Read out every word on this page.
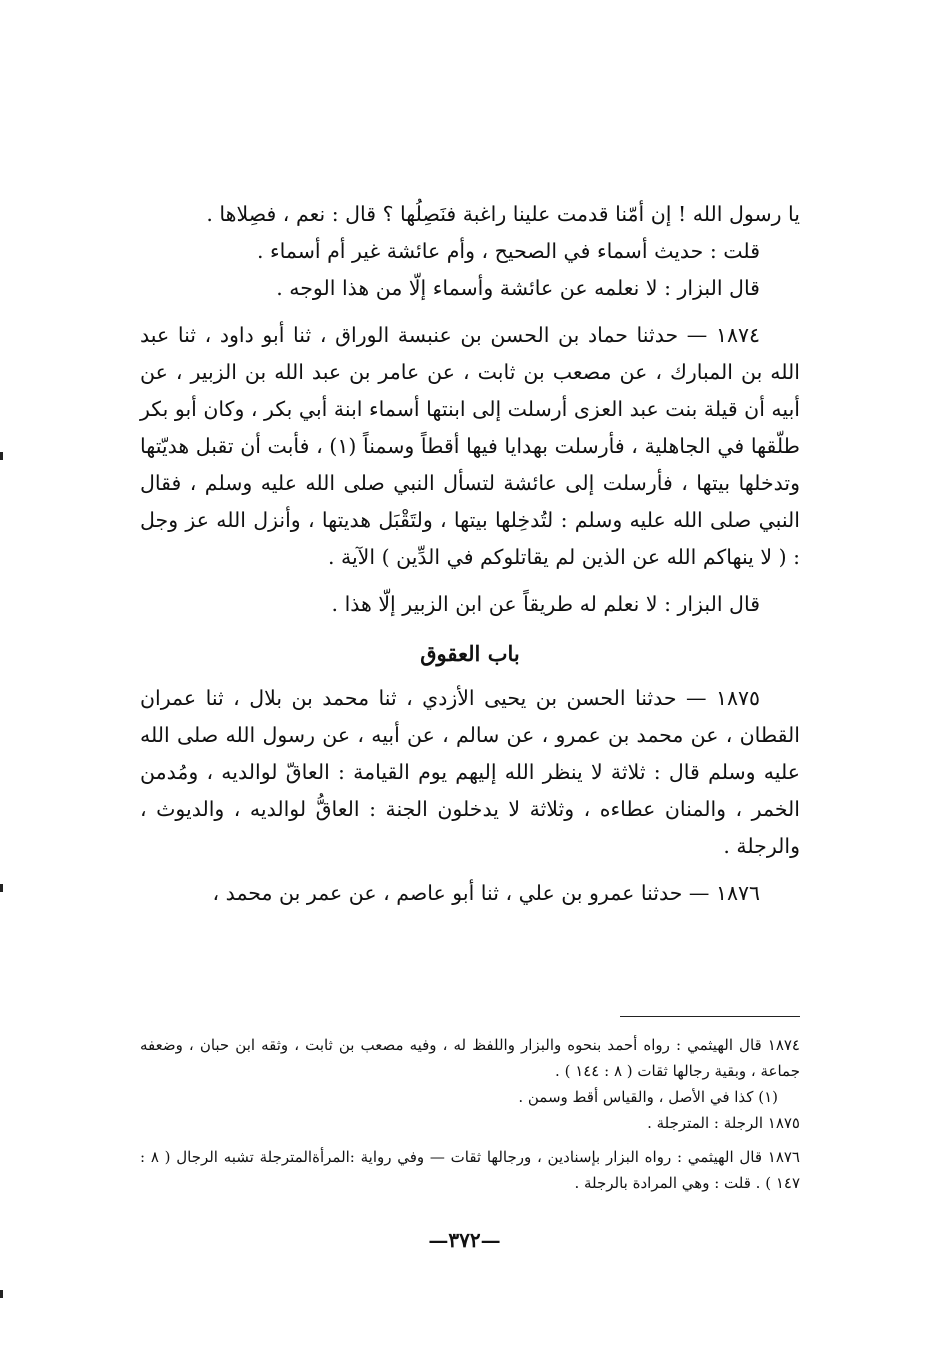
يا رسول الله ! إن أمّنا قدمت علينا راغبة فنَصِلُها ؟ قال : نعم ، فصِلاها .

قلت : حديث أسماء في الصحيح ، وأم عائشة غير أم أسماء .

قال البزار : لا نعلمه عن عائشة وأسماء إلّا من هذا الوجه .

١٨٧٤ — حدثنا حماد بن الحسن بن عنبسة الوراق ، ثنا أبو داود ، ثنا عبد الله بن المبارك ، عن مصعب بن ثابت ، عن عامر بن عبد الله بن الزبير ، عن أبيه أن قيلة بنت عبد العزى أرسلت إلى ابنتها أسماء ابنة أبي بكر ، وكان أبو بكر طلّقها في الجاهلية ، فأرسلت بهدايا فيها أقطاً وسمناً (١) ، فأبت أن تقبل هديّتها وتدخلها بيتها ، فأرسلت إلى عائشة لتسأل النبي صلى الله عليه وسلم ، فقال النبي صلى الله عليه وسلم : لتُدخِلها بيتها ، ولتَقْبَل هديتها ، وأنزل الله عز وجل : ( لا ينهاكم الله عن الذين لم يقاتلوكم في الدِّين ) الآية .

قال البزار : لا نعلم له طريقاً عن ابن الزبير إلّا هذا .

باب العقوق

١٨٧٥ — حدثنا الحسن بن يحيى الأزدي ، ثنا محمد بن بلال ، ثنا عمران القطان ، عن محمد بن عمرو ، عن سالم ، عن أبيه ، عن رسول الله صلى الله عليه وسلم قال : ثلاثة لا ينظر الله إليهم يوم القيامة : العاقّ لوالديه ، ومُدمن الخمر ، والمنان عطاءه ، وثلاثة لا يدخلون الجنة : العاقُّ لوالديه ، والديوث ، والرجلة .

١٨٧٦ — حدثنا عمرو بن علي ، ثنا أبو عاصم ، عن عمر بن محمد ،

١٨٧٤ قال الهيثمي : رواه أحمد بنحوه والبزار واللفظ له ، وفيه مصعب بن ثابت ، وثقه ابن حبان ، وضعفه جماعة ، وبقية رجالها ثقات ( ٨ : ١٤٤ ) .

(١) كذا في الأصل ، والقياس أقط وسمن .

١٨٧٥ الرجلة : المترجلة .

١٨٧٦ قال الهيثمي : رواه البزار بإسنادين ، ورجالها ثقات — وفي رواية :المرأةالمترجلة تشبه الرجال ( ٨ : ١٤٧ ) . قلت : وهي المرادة بالرجلة .

—٣٧٢—
